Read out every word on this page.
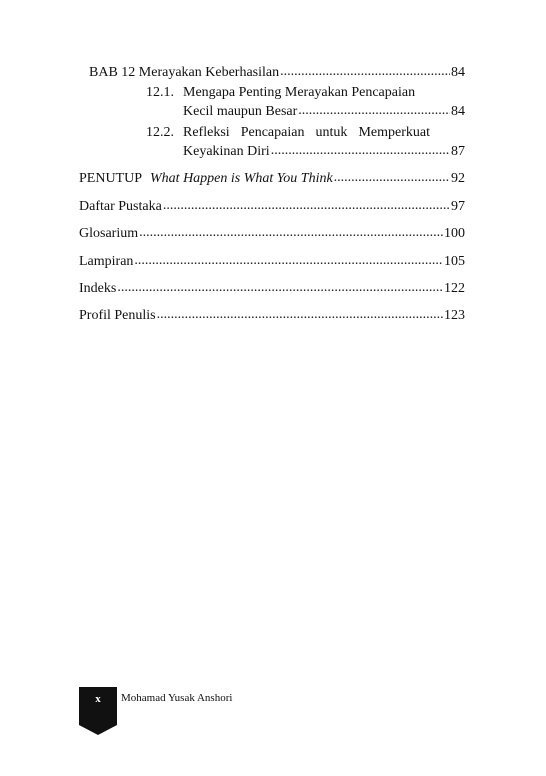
BAB 12 Merayakan Keberhasilan .....	84
12.1. Mengapa Penting Merayakan Pencapaian
Kecil maupun Besar .....	84
12.2. Refleksi Pencapaian untuk Memperkuat
Keyakinan Diri .....	87
PENUTUP What Happen is What You Think .....	92
Daftar Pustaka .....	97
Glosarium .....	100
Lampiran .....	105
Indeks .....	122
Profil Penulis .....	123
x	Mohamad Yusak Anshori
